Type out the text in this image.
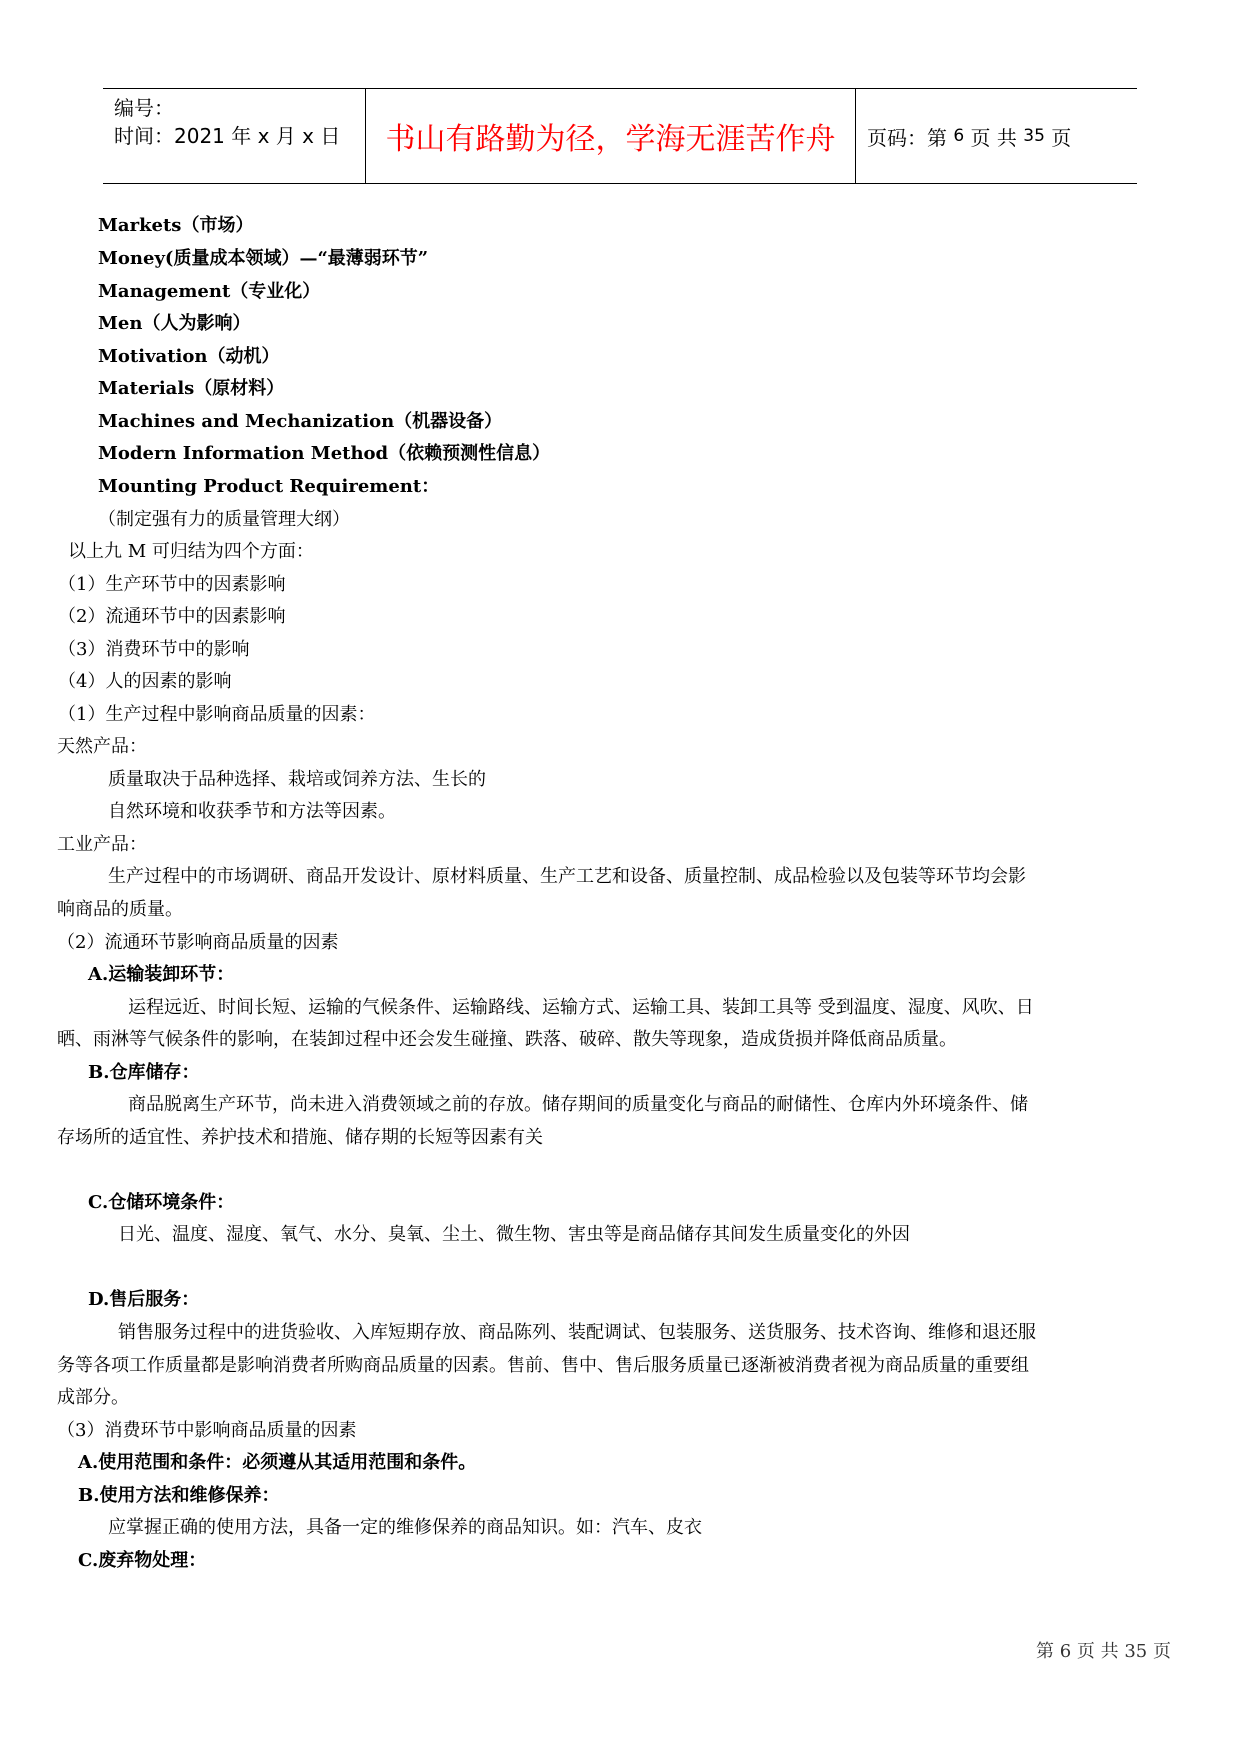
编号：
时间：2021 年 x 月 x 日	书山有路勤为径，学海无涯苦作舟	页码：第
6
页 共
35
页
Markets（市场）
Money(质量成本领域）—“最薄弱环节”
Management（专业化）
Men（人为影响）
Motivation（动机）
Materials（原材料）
Machines and Mechanization（机器设备）
Modern Information Method（依赖预测性信息）
Mounting Product Requirement：
（制定强有力的质量管理大纲）
以上九 M 可归结为四个方面：
（1）生产环节中的因素影响
（2）流通环节中的因素影响
（3）消费环节中的影响
（4）人的因素的影响
（1）生产过程中影响商品质量的因素：
天然产品：
质量取决于品种选择、栽培或饲养方法、生长的
自然环境和收获季节和方法等因素。
工业产品：
生产过程中的市场调研、商品开发设计、原材料质量、生产工艺和设备、质量控制、成品检验以及包装等环节均会影
响商品的质量。
（2）流通环节影响商品质量的因素
A.运输装卸环节：
运程远近、时间长短、运输的气候条件、运输路线、运输方式、运输工具、装卸工具等 受到温度、湿度、风吹、日
晒、雨淋等气候条件的影响，在装卸过程中还会发生碰撞、跌落、破碎、散失等现象，造成货损并降低商品质量。
B.仓库储存：
商品脱离生产环节，尚未进入消费领域之前的存放。储存期间的质量变化与商品的耐储性、仓库内外环境条件、储
存场所的适宜性、养护技术和措施、储存期的长短等因素有关
C.仓储环境条件：
日光、温度、湿度、氧气、水分、臭氧、尘土、微生物、害虫等是商品储存其间发生质量变化的外因
D.售后服务：
销售服务过程中的进货验收、入库短期存放、商品陈列、装配调试、包装服务、送货服务、技术咨询、维修和退还服
务等各项工作质量都是影响消费者所购商品质量的因素。售前、售中、售后服务质量已逐渐被消费者视为商品质量的重要组
成部分。
（3）消费环节中影响商品质量的因素
A.使用范围和条件：必须遵从其适用范围和条件。
B.使用方法和维修保养：
应掌握正确的使用方法，具备一定的维修保养的商品知识。如：汽车、皮衣
C.废弃物处理：
第 6 页 共 35 页
